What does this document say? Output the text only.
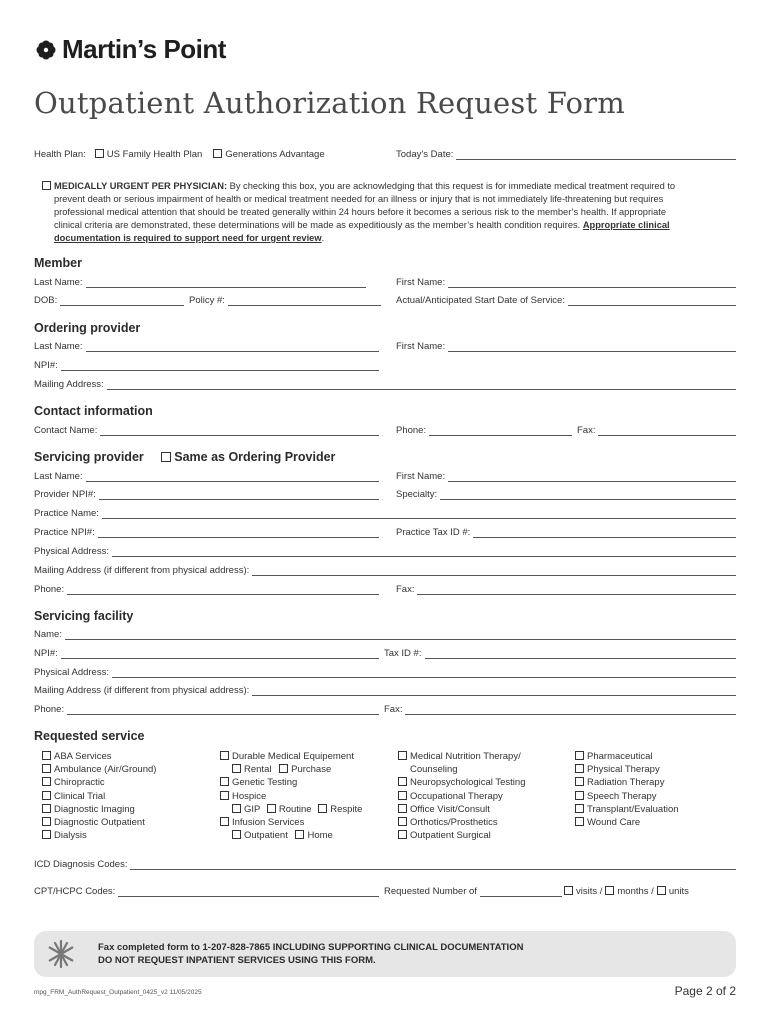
Martin’s Point
Outpatient Authorization Request Form
Health Plan:	US Family Health Plan	Generations Advantage	Today’s Date:
MEDICALLY URGENT PER PHYSICIAN: By checking this box, you are acknowledging that this request is for immediate medical treatment required to
prevent death or serious impairment of health or medical treatment needed for an illness or injury that is not immediately life-threatening but requires
professional medical attention that should be treated generally within 24 hours before it becomes a serious risk to the member’s health. If appropriate
clinical criteria are demonstrated, these determinations will be made as expeditiously as the member’s health condition requires. Appropriate clinical
documentation is required to support need for urgent review.
Member
Last Name:	First Name:
DOB:	Policy #:	Actual/Anticipated Start Date of Service:
Ordering provider
Last Name:	First Name:
NPI#:
Mailing Address:
Contact information
Contact Name:	Phone:	Fax:
Servicing provider Same as Ordering Provider
Last Name:	First Name:
Provider NPI#:	Specialty:
Practice Name:
Practice NPI#:	Practice Tax ID #:
Physical Address:
Mailing Address (if different from physical address):
Phone:	Fax:
Servicing facility
Name:
NPI#:	Tax ID #:
Physical Address:
Mailing Address (if different from physical address):
Phone:	Fax:
Requested service
ABA Services
Ambulance (Air/Ground)
Chiropractic
Clinical Trial
Diagnostic Imaging
Diagnostic Outpatient
Dialysis
Durable Medical Equipement
Rental Purchase
Genetic Testing
Hospice
GIP Routine Respite
Infusion Services
Outpatient Home
Medical Nutrition Therapy/
Counseling
Neuropsychological Testing
Occupational Therapy
Office Visit/Consult
Orthotics/Prosthetics
Outpatient Surgical
Pharmaceutical
Physical Therapy
Radiation Therapy
Speech Therapy
Transplant/Evaluation
Wound Care
ICD Diagnosis Codes:
CPT/HCPC Codes:	Requested Number of	visits /	months /	units
Fax completed form to 1-207-828-7865 INCLUDING SUPPORTING CLINICAL DOCUMENTATION
DO NOT REQUEST INPATIENT SERVICES USING THIS FORM.
mpg_FRM_AuthRequest_Outpatient_0425_v2 11/05/2025	Page 2 of 2
